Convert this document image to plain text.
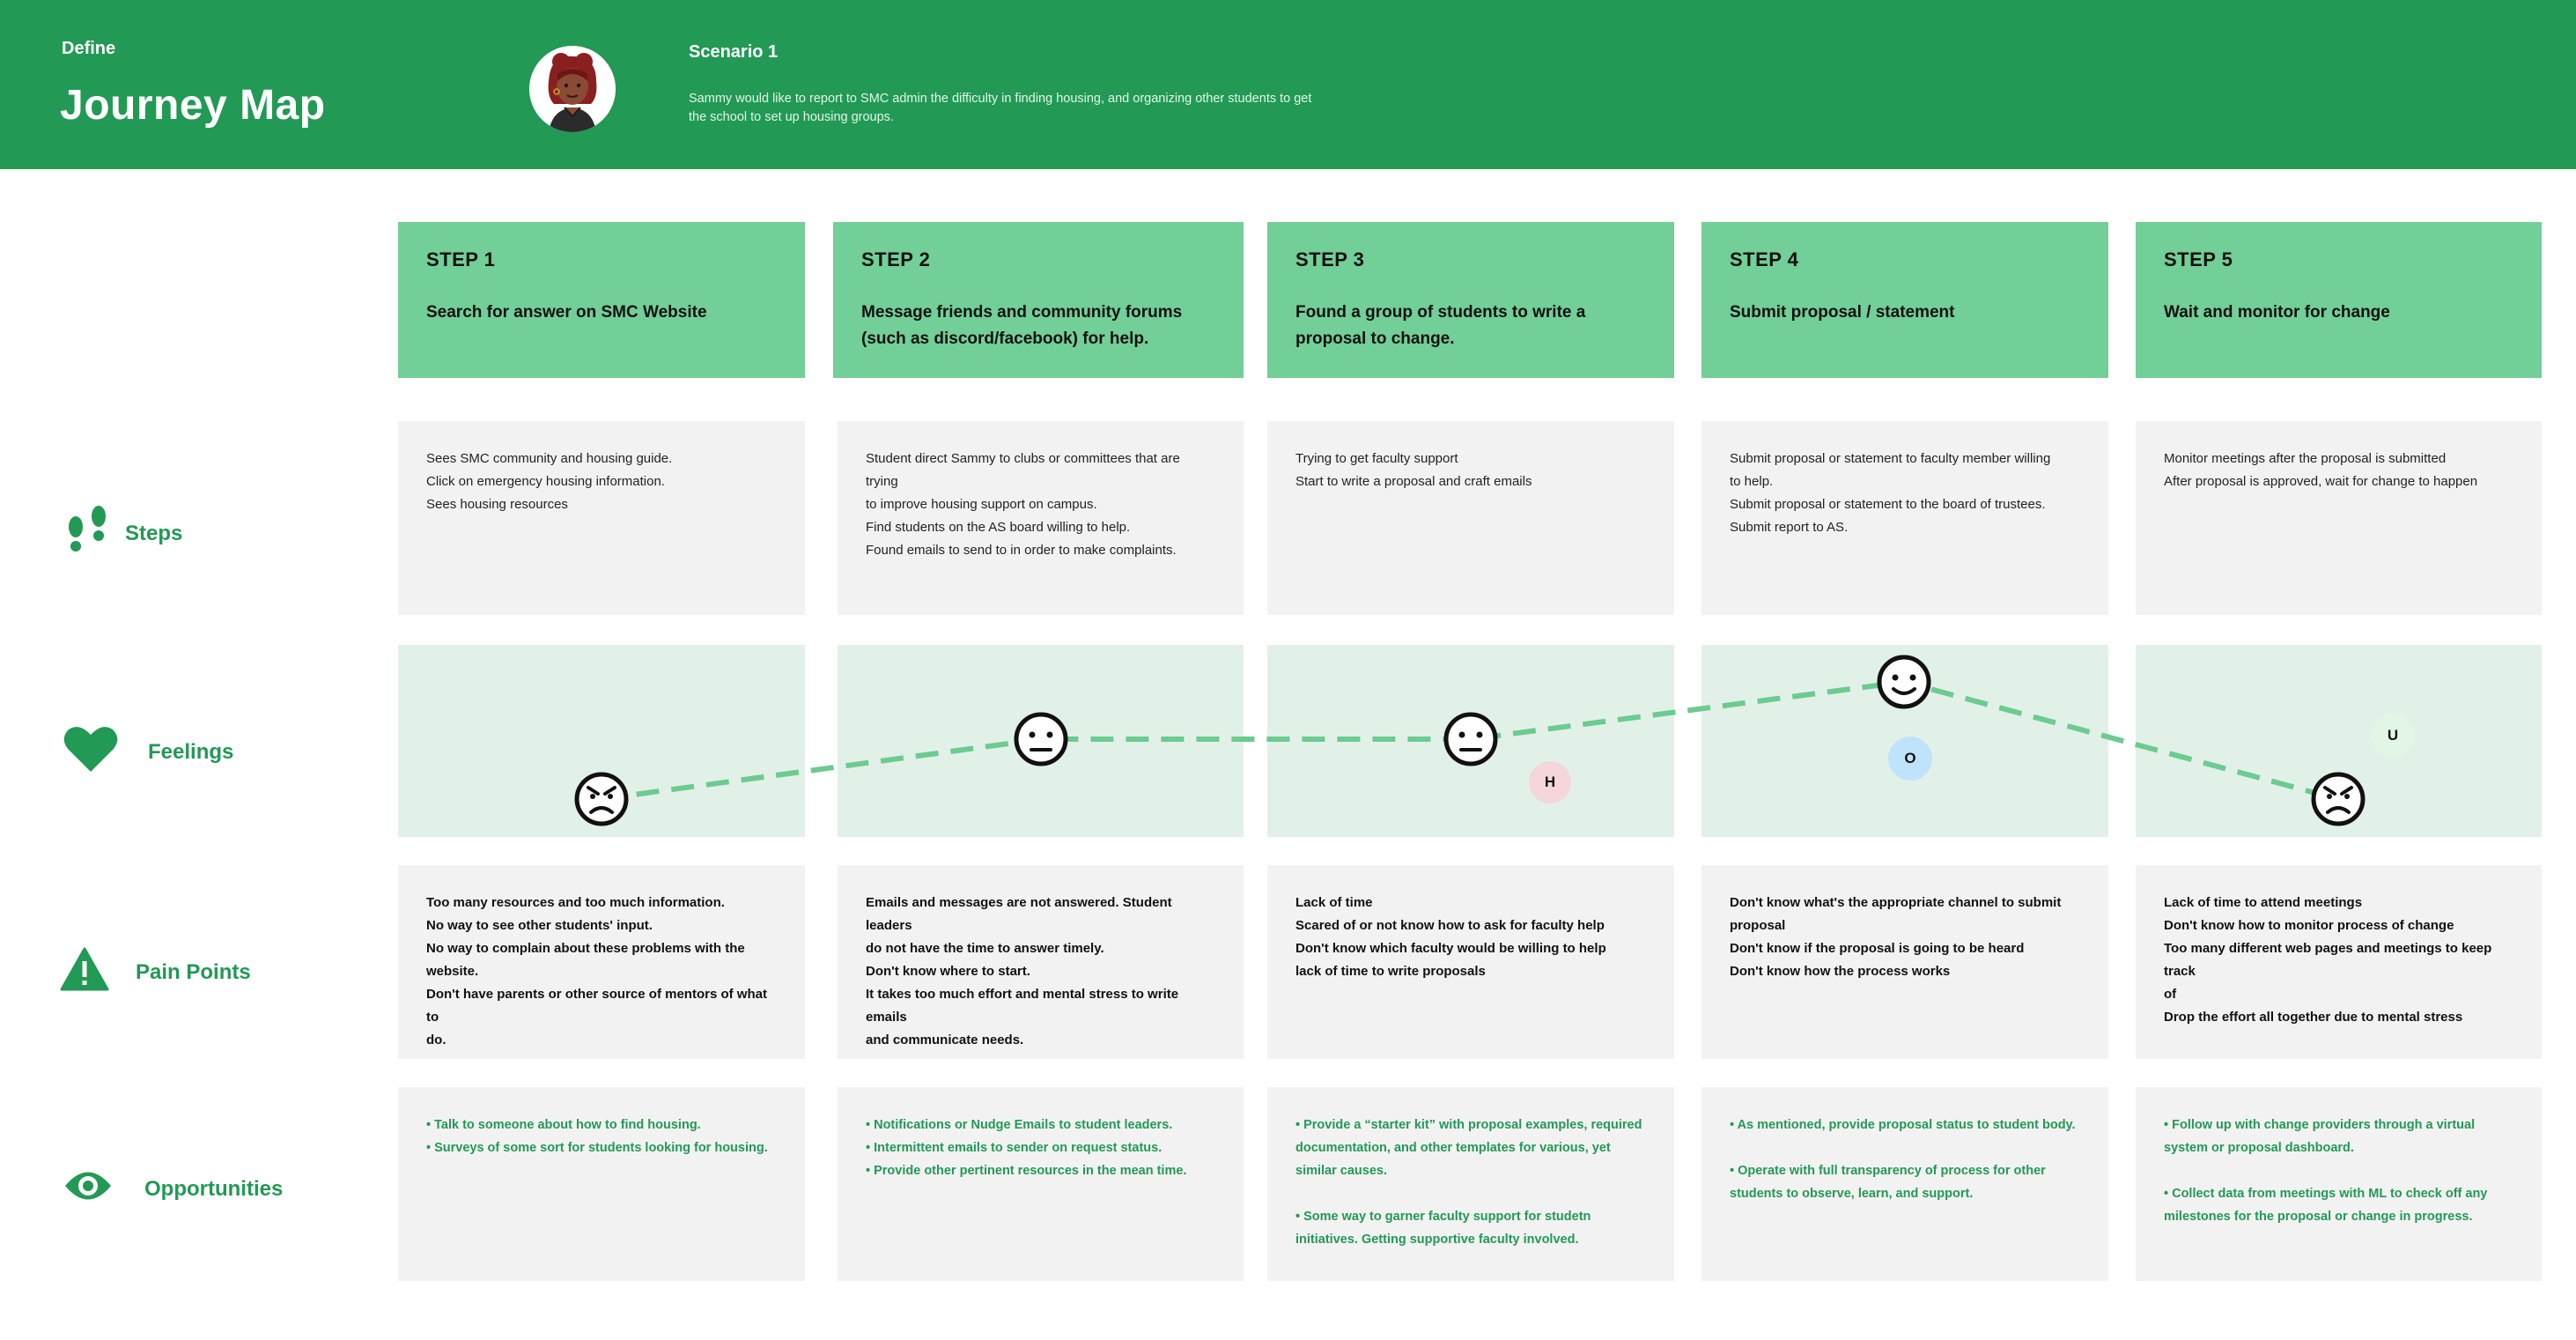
Define
Journey Map
Scenario 1
Sammy would like to report to SMC admin the difficulty in finding housing, and organizing other students to get
the school to set up housing groups.
Steps
Feelings
Pain Points
Opportunities
STEP 1
Search for answer on SMC Website
STEP 2
Message friends and community forums
(such as discord/facebook) for help.
STEP 3
Found a group of students to write a
proposal to change.
STEP 4
Submit proposal / statement
STEP 5
Wait and monitor for change
Sees SMC community and housing guide.
Click on emergency housing information.
Sees housing resources
Student direct Sammy to clubs or committees that are trying
to improve housing support on campus.
Find students on the AS board willing to help.
Found emails to send to in order to make complaints.
Trying to get faculty support
Start to write a proposal and craft emails
Submit proposal or statement to faculty member willing
to help.
Submit proposal or statement to the board of trustees.
Submit report to AS.
Monitor meetings after the proposal is submitted
After proposal is approved, wait for change to happen
H
O
U
Too many resources and too much information.
No way to see other students' input.
No way to complain about these problems with the
website.
Don't have parents or other source of mentors of what to
do.
Emails and messages are not answered. Student leaders
do not have the time to answer timely.
Don't know where to start.
It takes too much effort and mental stress to write emails
and communicate needs.
Lack of time
Scared of or not know how to ask for faculty help
Don't know which faculty would be willing to help
lack of time to write proposals
Don't know what's the appropriate channel to submit
proposal
Don't know if the proposal is going to be heard
Don't know how the process works
Lack of time to attend meetings
Don't know how to monitor process of change
Too many different web pages and meetings to keep track
of
Drop the effort all together due to mental stress
• Talk to someone about how to find housing.
• Surveys of some sort for students looking for housing.
• Notifications or Nudge Emails to student leaders.
• Intermittent emails to sender on request status.
• Provide other pertinent resources in the mean time.
• Provide a “starter kit” with proposal examples, required
documentation, and other templates for various, yet
similar causes.
• Some way to garner faculty support for studetn
initiatives. Getting supportive faculty involved.
• As mentioned, provide proposal status to student body.
• Operate with full transparency of process for other
students to observe, learn, and support.
• Follow up with change providers through a virtual
system or proposal dashboard.
• Collect data from meetings with ML to check off any
milestones for the proposal or change in progress.
